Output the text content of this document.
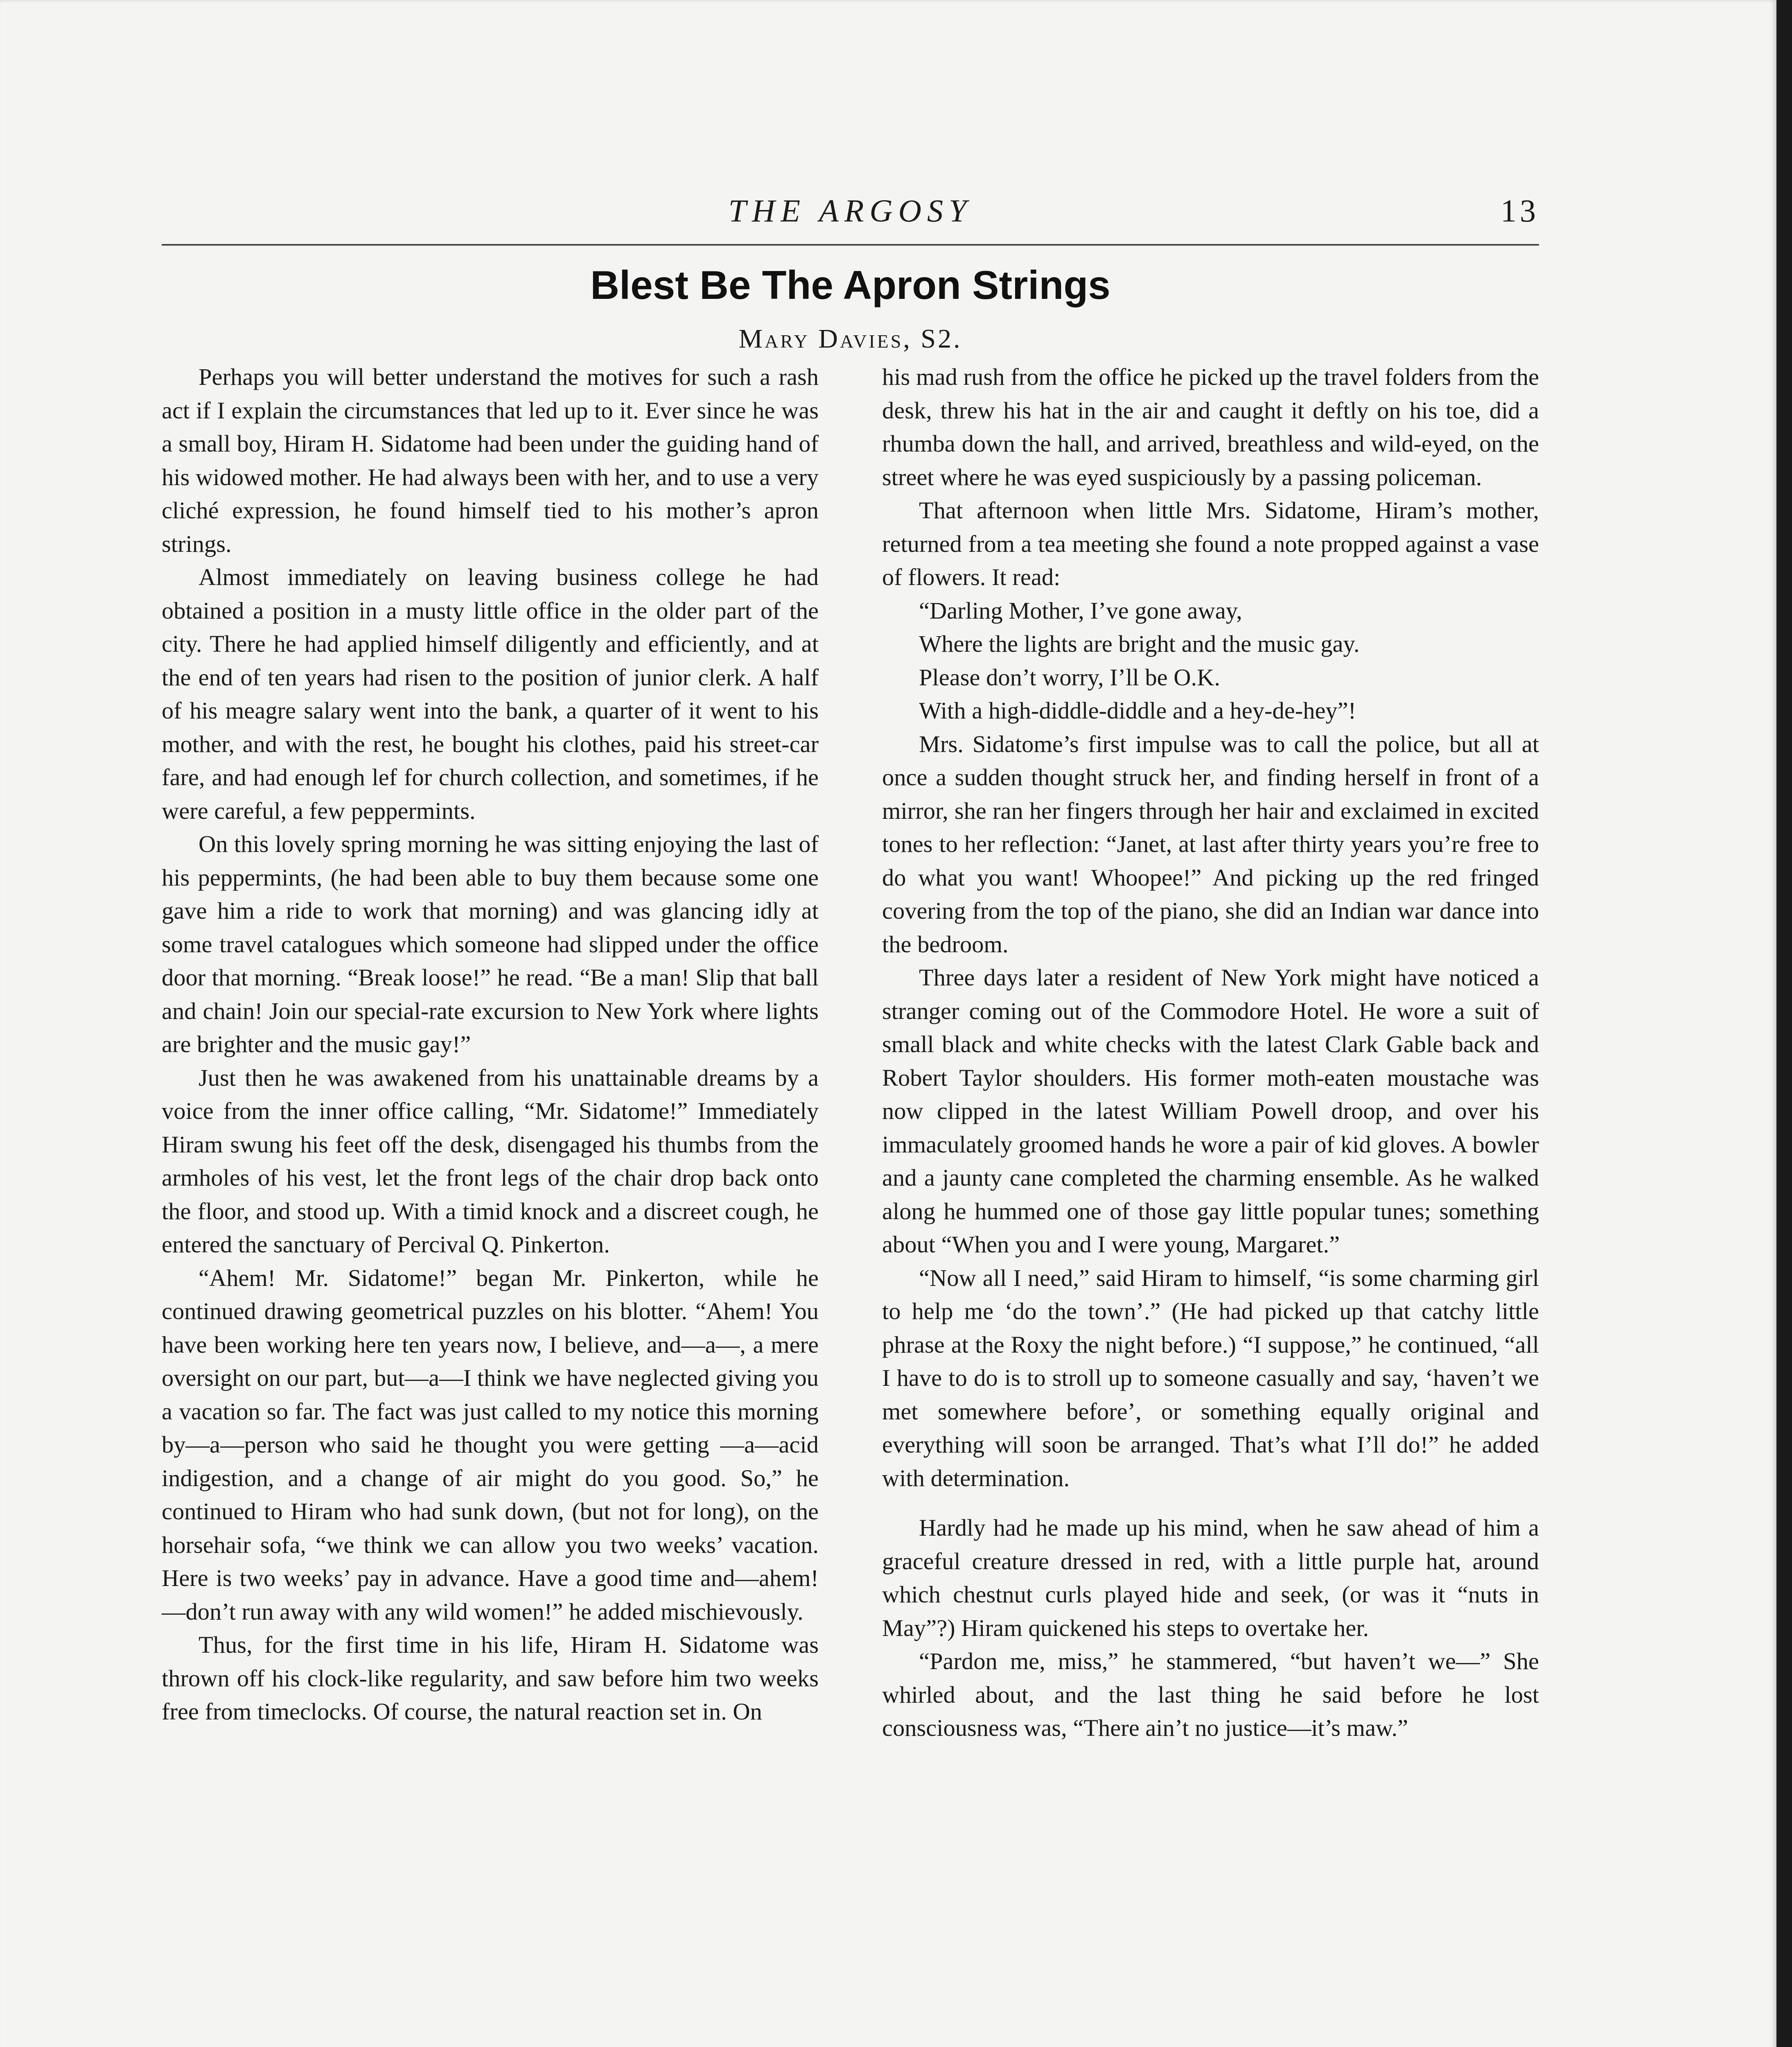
THE ARGOSY	13
Blest Be The Apron Strings
Mary Davies, S2.

Perhaps you will better understand the motives for such a rash act if I explain the circumstances that led up to it. Ever since he was a small boy, Hiram H. Sidatome had been under the guiding hand of his widowed mother. He had always been with her, and to use a very cliché expression, he found himself tied to his mother’s apron strings.

Almost immediately on leaving business college he had obtained a position in a musty little office in the older part of the city. There he had applied himself diligently and efficiently, and at the end of ten years had risen to the position of junior clerk. A half of his meagre salary went into the bank, a quarter of it went to his mother, and with the rest, he bought his clothes, paid his street-car fare, and had enough lef for church collection, and sometimes, if he were careful, a few peppermints.

On this lovely spring morning he was sitting enjoying the last of his peppermints, (he had been able to buy them because some one gave him a ride to work that morning) and was glancing idly at some travel catalogues which someone had slipped under the office door that morning. “Break loose!” he read. “Be a man! Slip that ball and chain! Join our special-rate excursion to New York where lights are brighter and the music gay!”

Just then he was awakened from his unattainable dreams by a voice from the inner office calling, “Mr. Sidatome!” Immediately Hiram swung his feet off the desk, disengaged his thumbs from the armholes of his vest, let the front legs of the chair drop back onto the floor, and stood up. With a timid knock and a discreet cough, he entered the sanctuary of Percival Q. Pinkerton.

“Ahem! Mr. Sidatome!” began Mr. Pinkerton, while he continued drawing geometrical puzzles on his blotter. “Ahem! You have been working here ten years now, I believe, and—a—, a mere oversight on our part, but—a—I think we have neglected giving you a vacation so far. The fact was just called to my notice this morning by—a—person who said he thought you were getting —a—acid indigestion, and a change of air might do you good. So,” he continued to Hiram who had sunk down, (but not for long), on the horsehair sofa, “we think we can allow you two weeks’ vacation. Here is two weeks’ pay in advance. Have a good time and—ahem!—don’t run away with any wild women!” he added mischievously.

Thus, for the first time in his life, Hiram H. Sidatome was thrown off his clock-like regularity, and saw before him two weeks free from timeclocks. Of course, the natural reaction set in. On

his mad rush from the office he picked up the travel folders from the desk, threw his hat in the air and caught it deftly on his toe, did a rhumba down the hall, and arrived, breathless and wild-eyed, on the street where he was eyed suspiciously by a passing policeman.

That afternoon when little Mrs. Sidatome, Hiram’s mother, returned from a tea meeting she found a note propped against a vase of flowers. It read:

“Darling Mother, I’ve gone away,

Where the lights are bright and the music gay.

Please don’t worry, I’ll be O.K.

With a high-diddle-diddle and a hey-de-hey”!

Mrs. Sidatome’s first impulse was to call the police, but all at once a sudden thought struck her, and finding herself in front of a mirror, she ran her fingers through her hair and exclaimed in excited tones to her reflection: “Janet, at last after thirty years you’re free to do what you want! Whoopee!” And picking up the red fringed covering from the top of the piano, she did an Indian war dance into the bedroom.

Three days later a resident of New York might have noticed a stranger coming out of the Commodore Hotel. He wore a suit of small black and white checks with the latest Clark Gable back and Robert Taylor shoulders. His former moth-eaten moustache was now clipped in the latest William Powell droop, and over his immaculately groomed hands he wore a pair of kid gloves. A bowler and a jaunty cane completed the charming ensemble. As he walked along he hummed one of those gay little popular tunes; something about “When you and I were young, Margaret.”

“Now all I need,” said Hiram to himself, “is some charming girl to help me ‘do the town’.” (He had picked up that catchy little phrase at the Roxy the night before.) “I suppose,” he continued, “all I have to do is to stroll up to someone casually and say, ‘haven’t we met somewhere before’, or something equally original and everything will soon be arranged. That’s what I’ll do!” he added with determination.

Hardly had he made up his mind, when he saw ahead of him a graceful creature dressed in red, with a little purple hat, around which chestnut curls played hide and seek, (or was it “nuts in May”?) Hiram quickened his steps to overtake her.

“Pardon me, miss,” he stammered, “but haven’t we—” She whirled about, and the last thing he said before he lost consciousness was, “There ain’t no justice—it’s maw.”
